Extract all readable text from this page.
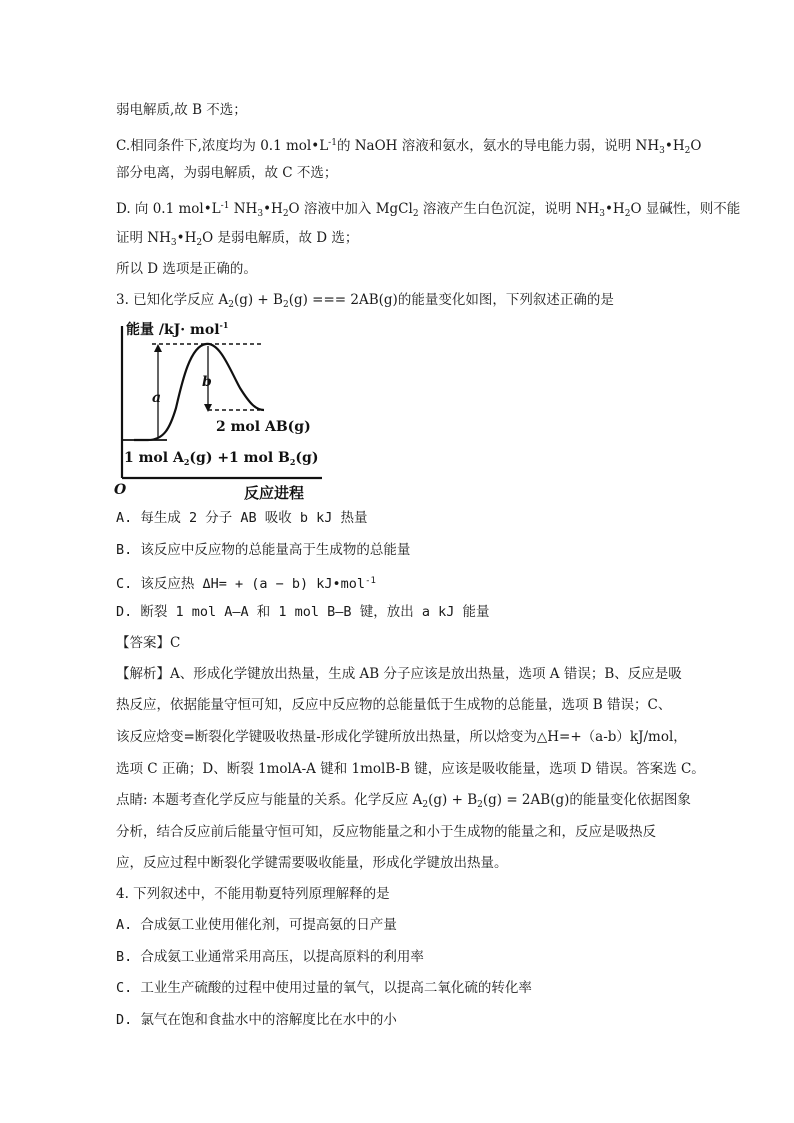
弱电解质,故 B 不选；
C.相同条件下,浓度均为 0.1 $mol•L^{-1}$的 NaOH 溶液和氨水，氨水的导电能力弱，说明 $NH_3•H_2O$
部分电离，为弱电解质，故 C 不选；
D. 向 0.1 $mol•L^{-1}$ $NH_3•H_2O$ 溶液中加入 MgCl$_2$ 溶液产生白色沉淀，说明 $NH_3•H_2O$ 显碱性，则不能
证明 $NH_3•H_2O$ 是弱电解质，故 D 选；
所以 D 选项是正确的。
3. 已知化学反应 $A_2(g) + B_2(g)$ === 2AB(g)的能量变化如图，下列叙述正确的是
能量 /kJ· mol$^{-1}$
a
b
2 mol AB(g)
1 mol $A_2(g) +1$ mol $B_2(g)$
O	反应进程
A. 每生成 2 分子 AB 吸收 b kJ 热量
B. 该反应中反应物的总能量高于生成物的总能量
C. 该反应热 ΔH= + (a − b) kJ•mol$^{-1}$
D. 断裂 1 mol A—A 和 1 mol B—B 键，放出 a kJ 能量
【答案】C
【解析】A、形成化学键放出热量，生成 AB 分子应该是放出热量，选项 A 错误；B、反应是吸
热反应，依据能量守恒可知，反应中反应物的总能量低于生成物的总能量，选项 B 错误；C、
该反应焓变=断裂化学键吸收热量-形成化学键所放出热量，所以焓变为△H=+（a-b）kJ/mol，
选项 C 正确；D、断裂 1molA-A 键和 1molB-B 键，应该是吸收能量，选项 D 错误。答案选 C。
点睛: 本题考查化学反应与能量的关系。化学反应 $A_2(g) + B_2(g) = 2AB(g)$的能量变化依据图象
分析，结合反应前后能量守恒可知，反应物能量之和小于生成物的能量之和，反应是吸热反
应，反应过程中断裂化学键需要吸收能量，形成化学键放出热量。
4. 下列叙述中，不能用勒夏特列原理解释的是
A. 合成氨工业使用催化剂，可提高氨的日产量
B. 合成氨工业通常采用高压，以提高原料的利用率
C. 工业生产硫酸的过程中使用过量的氧气，以提高二氧化硫的转化率
D. 氯气在饱和食盐水中的溶解度比在水中的小
